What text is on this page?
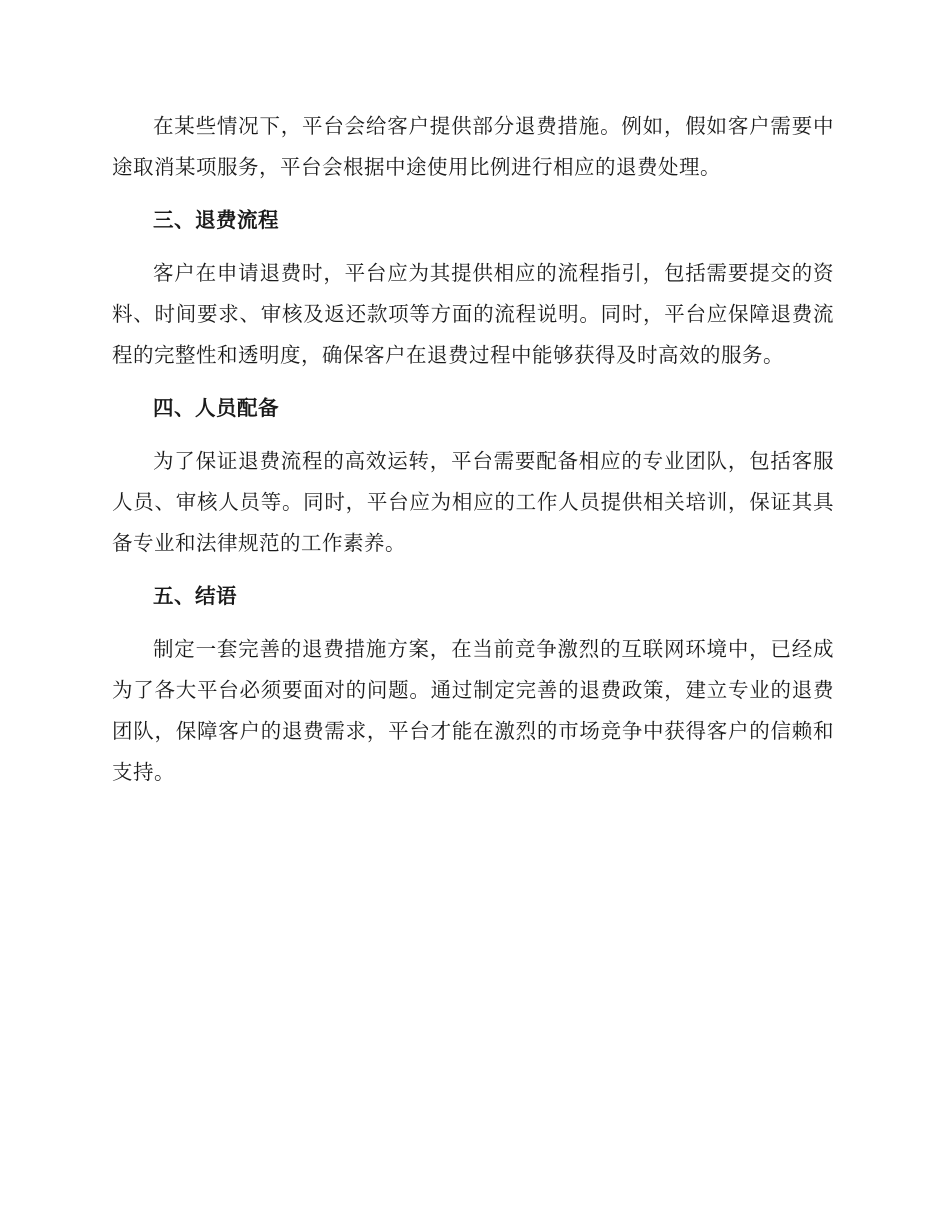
在某些情况下，平台会给客户提供部分退费措施。例如，假如客户需要中途取消某项服务，平台会根据中途使用比例进行相应的退费处理。

三、退费流程

客户在申请退费时，平台应为其提供相应的流程指引，包括需要提交的资料、时间要求、审核及返还款项等方面的流程说明。同时，平台应保障退费流程的完整性和透明度，确保客户在退费过程中能够获得及时高效的服务。

四、人员配备

为了保证退费流程的高效运转，平台需要配备相应的专业团队，包括客服人员、审核人员等。同时，平台应为相应的工作人员提供相关培训，保证其具备专业和法律规范的工作素养。

五、结语

制定一套完善的退费措施方案，在当前竞争激烈的互联网环境中，已经成为了各大平台必须要面对的问题。通过制定完善的退费政策，建立专业的退费团队，保障客户的退费需求，平台才能在激烈的市场竞争中获得客户的信赖和支持。
